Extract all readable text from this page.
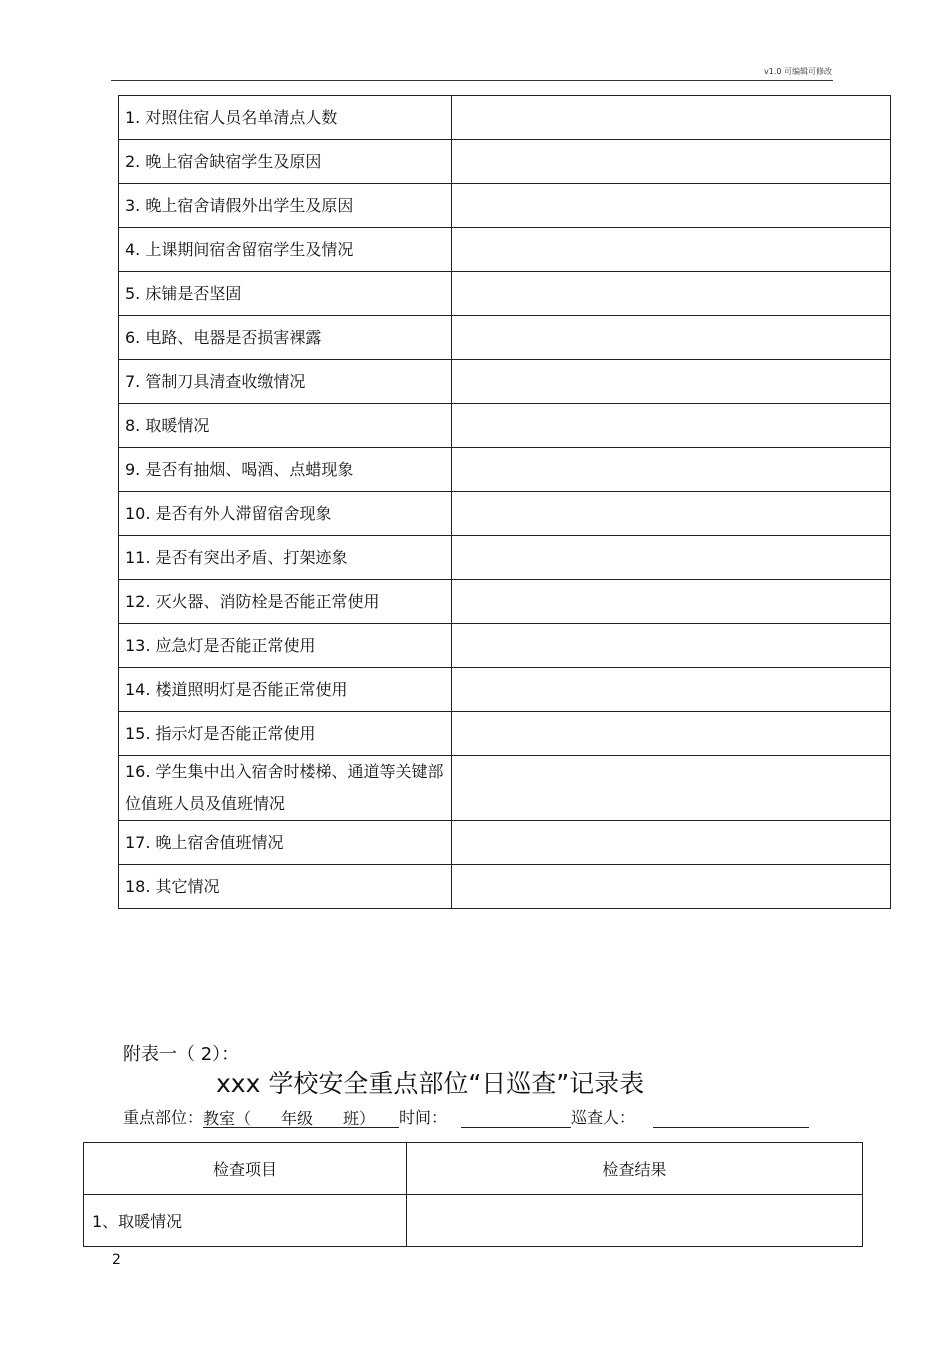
v1.0 可编辑可修改
1. 对照住宿人员名单清点人数	
2. 晚上宿舍缺宿学生及原因	
3. 晚上宿舍请假外出学生及原因	
4. 上课期间宿舍留宿学生及情况	
5. 床铺是否坚固	
6. 电路、电器是否损害裸露	
7. 管制刀具清查收缴情况	
8. 取暖情况	
9. 是否有抽烟、喝酒、点蜡现象	
10. 是否有外人滞留宿舍现象	
11. 是否有突出矛盾、打架迹象	
12. 灭火器、消防栓是否能正常使用	
13. 应急灯是否能正常使用	
14. 楼道照明灯是否能正常使用	
15. 指示灯是否能正常使用	
16. 学生集中出入宿舍时楼梯、通道等关键部位值班人员及值班情况	
17. 晚上宿舍值班情况	
18. 其它情况	
附表一（ 2）：
xxx 学校安全重点部位“日巡查”记录表
重点部位： 教室（ 年级 班）	时间：	巡查人：
检查项目	检查结果
1、取暖情况	
2
